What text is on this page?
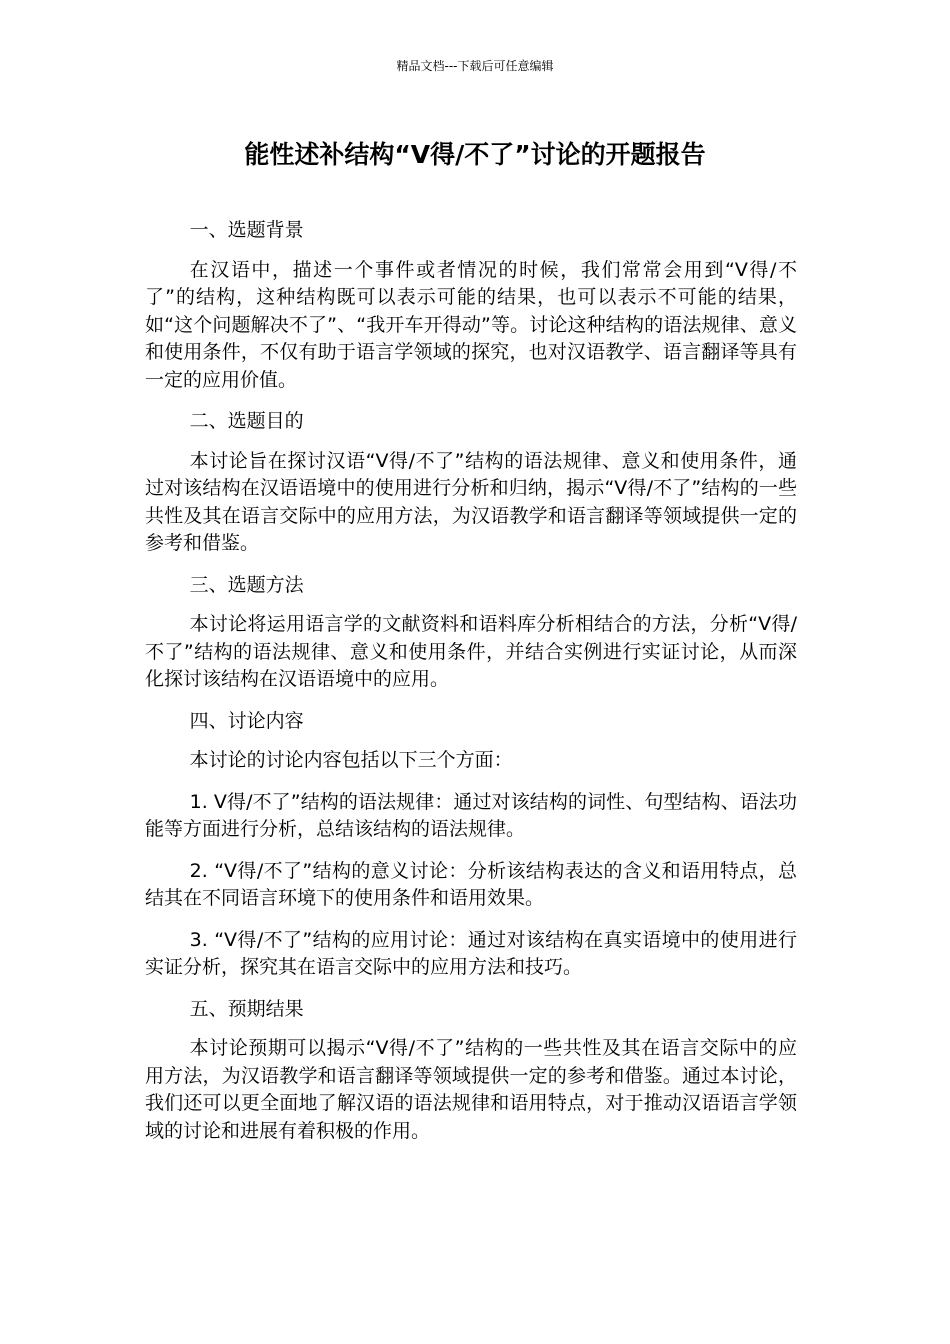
精品文档---下载后可任意编辑
能性述补结构“V得/不了”讨论的开题报告

一、选题背景

在汉语中，描述一个事件或者情况的时候，我们常常会用到“V得/不了”的结构，这种结构既可以表示可能的结果，也可以表示不可能的结果，如“这个问题解决不了”、“我开车开得动”等。讨论这种结构的语法规律、意义和使用条件，不仅有助于语言学领域的探究，也对汉语教学、语言翻译等具有一定的应用价值。

二、选题目的

本讨论旨在探讨汉语“V得/不了”结构的语法规律、意义和使用条件，通过对该结构在汉语语境中的使用进行分析和归纳，揭示“V得/不了”结构的一些共性及其在语言交际中的应用方法，为汉语教学和语言翻译等领域提供一定的参考和借鉴。

三、选题方法

本讨论将运用语言学的文献资料和语料库分析相结合的方法，分析“V得/不了”结构的语法规律、意义和使用条件，并结合实例进行实证讨论，从而深化探讨该结构在汉语语境中的应用。

四、讨论内容

本讨论的讨论内容包括以下三个方面：

1. V得/不了”结构的语法规律：通过对该结构的词性、句型结构、语法功能等方面进行分析，总结该结构的语法规律。

2. “V得/不了”结构的意义讨论：分析该结构表达的含义和语用特点，总结其在不同语言环境下的使用条件和语用效果。

3. “V得/不了”结构的应用讨论：通过对该结构在真实语境中的使用进行实证分析，探究其在语言交际中的应用方法和技巧。

五、预期结果

本讨论预期可以揭示“V得/不了”结构的一些共性及其在语言交际中的应用方法，为汉语教学和语言翻译等领域提供一定的参考和借鉴。通过本讨论，我们还可以更全面地了解汉语的语法规律和语用特点，对于推动汉语语言学领域的讨论和进展有着积极的作用。
